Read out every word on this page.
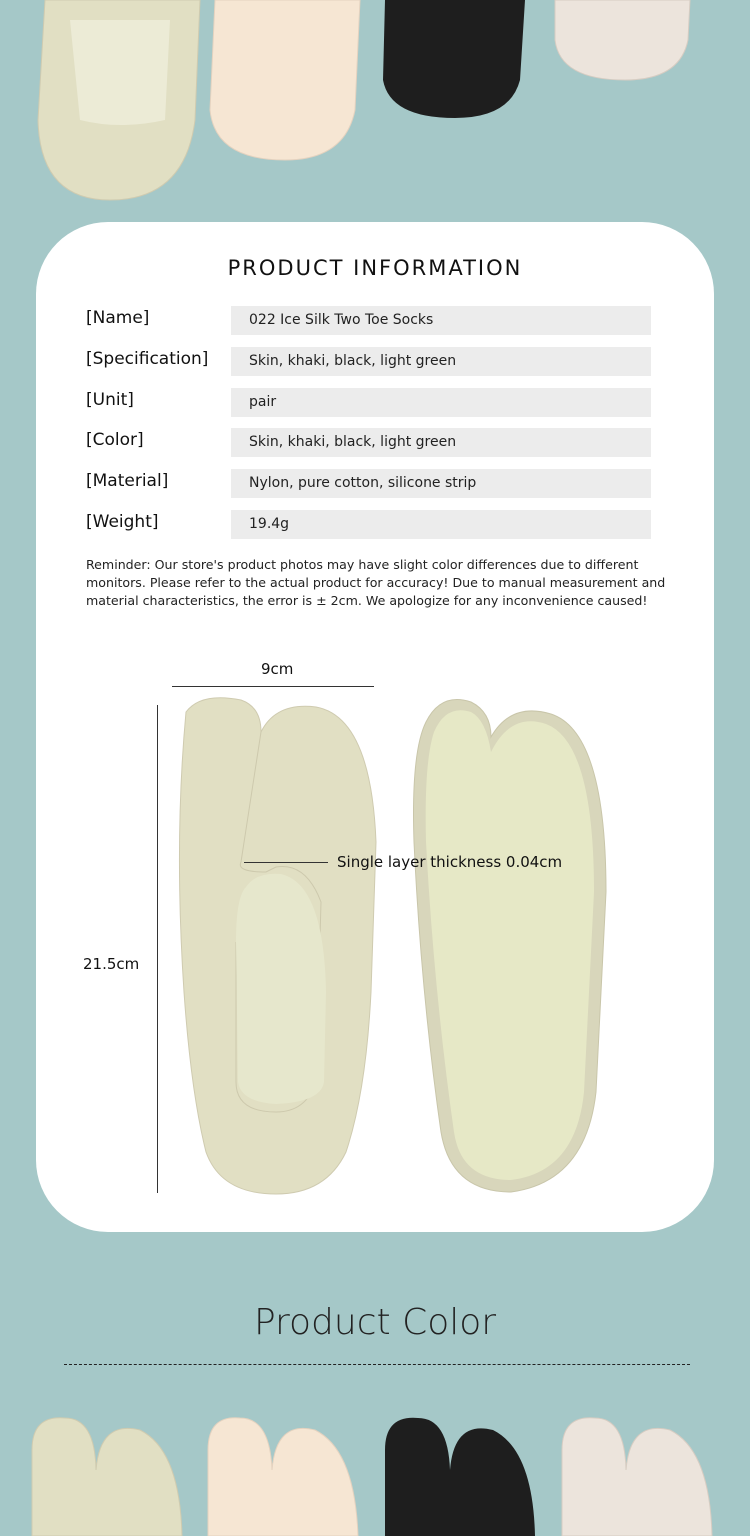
PRODUCT INFORMATION
[Name]	022 Ice Silk Two Toe Socks
[Specification]	Skin, khaki, black, light green
[Unit]	pair
[Color]	Skin, khaki, black, light green
[Material]	Nylon, pure cotton, silicone strip
[Weight]	19.4g
Reminder: Our store's product photos may have slight color differences due to different monitors. Please refer to the actual product for accuracy! Due to manual measurement and material characteristics, the error is ± 2cm. We apologize for any inconvenience caused!
9cm
21.5cm
Single layer thickness 0.04cm
Product Color
